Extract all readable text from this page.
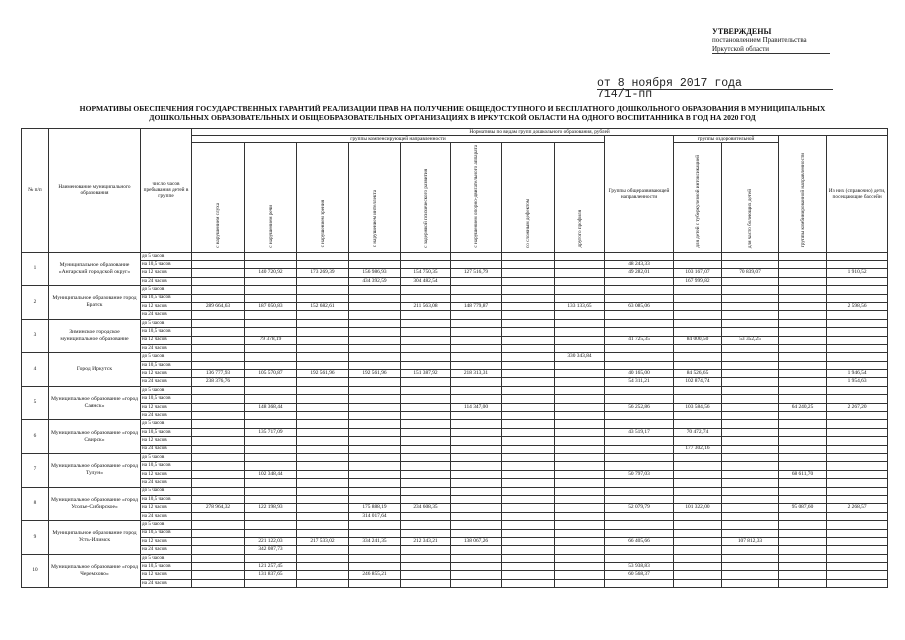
УТВЕРЖДЕНЫ
постановлением Правительства
Иркутской области
от 8 ноября 2017 года
714/1-пп
НОРМАТИВЫ ОБЕСПЕЧЕНИЯ ГОСУДАРСТВЕННЫХ ГАРАНТИЙ РЕАЛИЗАЦИИ ПРАВ НА ПОЛУЧЕНИЕ ОБЩЕДОСТУПНОГО И БЕСПЛАТНОГО ДОШКОЛЬНОГО ОБРАЗОВАНИЯ В МУНИЦИПАЛЬНЫХ
ДОШКОЛЬНЫХ ОБРАЗОВАТЕЛЬНЫХ И ОБЩЕОБРАЗОВАТЕЛЬНЫХ ОРГАНИЗАЦИЯХ В ИРКУТСКОЙ ОБЛАСТИ НА ОДНОГО ВОСПИТАННИКА В ГОД НА 2020 ГОД
№ п/п	Наименование муниципального образования	число часов пребывания детей в группе	Нормативы по видам групп дошкольного образования, рублей												
			группы компенсирующей направленности								Группы общеразвивающей направленности	группы оздоровительной		группы комбинированной направленности	Из них (справочно) дети, посещающие бассейн
			с нарушением слуха	с нарушением речи	с нарушением зрения	с нарушением интеллекта	с задержкой психического развития	с нарушением опорно-двигательного аппарата	со сложным дефектом	другого профиля		для детей с туберкулезной интоксикацией	для часто болеющих детей		
1	Муниципальное образование «Ангарский городской округ»	до 5 часов													
		на 10,5 часов									48 243,33				
		на 12 часов		140 720,92	173 269,39	156 986,93	154 750,35	127 516,79			49 282,01	103 167,07	70 839,07		1 910,52
		на 24 часов				434 392,59	304 482,54					167 999,82			
2	Муниципальное образование город Братск	до 5 часов													
		на 10,5 часов													
		на 12 часов	289 664,63	187 050,83	152 682,61		211 563,08	148 779,87		133 133,65	63 085,06				2 598,56
		на 24 часов													
3	Зиминское городское муниципальное образование	до 5 часов													
		на 10,5 часов													
		на 12 часов		79 378,19							41 725,35	84 000,50	53 352,25		
		на 24 часов													
4	Город Иркутск	до 5 часов								330 343,84					
		на 10,5 часов													
		на 12 часов	136 777,93	105 570,87	192 561,96	192 561,96	151 387,92	218 313,31			40 165,00	84 526,65			1 946,54
		на 24 часов	238 376,76								54 311,21	102 874,74			1 954,63
5	Муниципальное образование «город Саянск»	до 5 часов													
		на 10,5 часов													
		на 12 часов		148 368,44				114 347,00			56 252,86	103 584,56		64 240,25	2 267,20
		на 24 часов													
6	Муниципальное образование «город Свирск»	до 5 часов													
		на 10,5 часов		135 717,09							43 519,17	70 472,74			
		на 12 часов													
		на 24 часов										177 302,16			
7	Муниципальное образование «город Тулун»	до 5 часов													
		на 10,5 часов													
		на 12 часов		102 348,44							50 797,03			68 611,70	
		на 24 часов													
8	Муниципальное образование «город Усолье-Сибирское»	до 5 часов													
		на 10,5 часов													
		на 12 часов	278 964,32	122 198,93		175 888,19	234 608,35				52 079,79	101 322,00		95 087,60	2 268,57
		на 24 часов				314 017,64									
9	Муниципальное образование город Усть-Илимск	до 5 часов													
		на 10,5 часов													
		на 12 часов		221 122,03	217 533,02	334 241,35	212 343,21	138 067,26			66 405,66		107 812,33		
		на 24 часов		342 087,73											
10	Муниципальное образование «город Черемхово»	до 5 часов													
		на 10,5 часов		121 257,45							53 938,83				
		на 12 часов		131 837,65		246 855,21					60 568,37				
		на 24 часов													
